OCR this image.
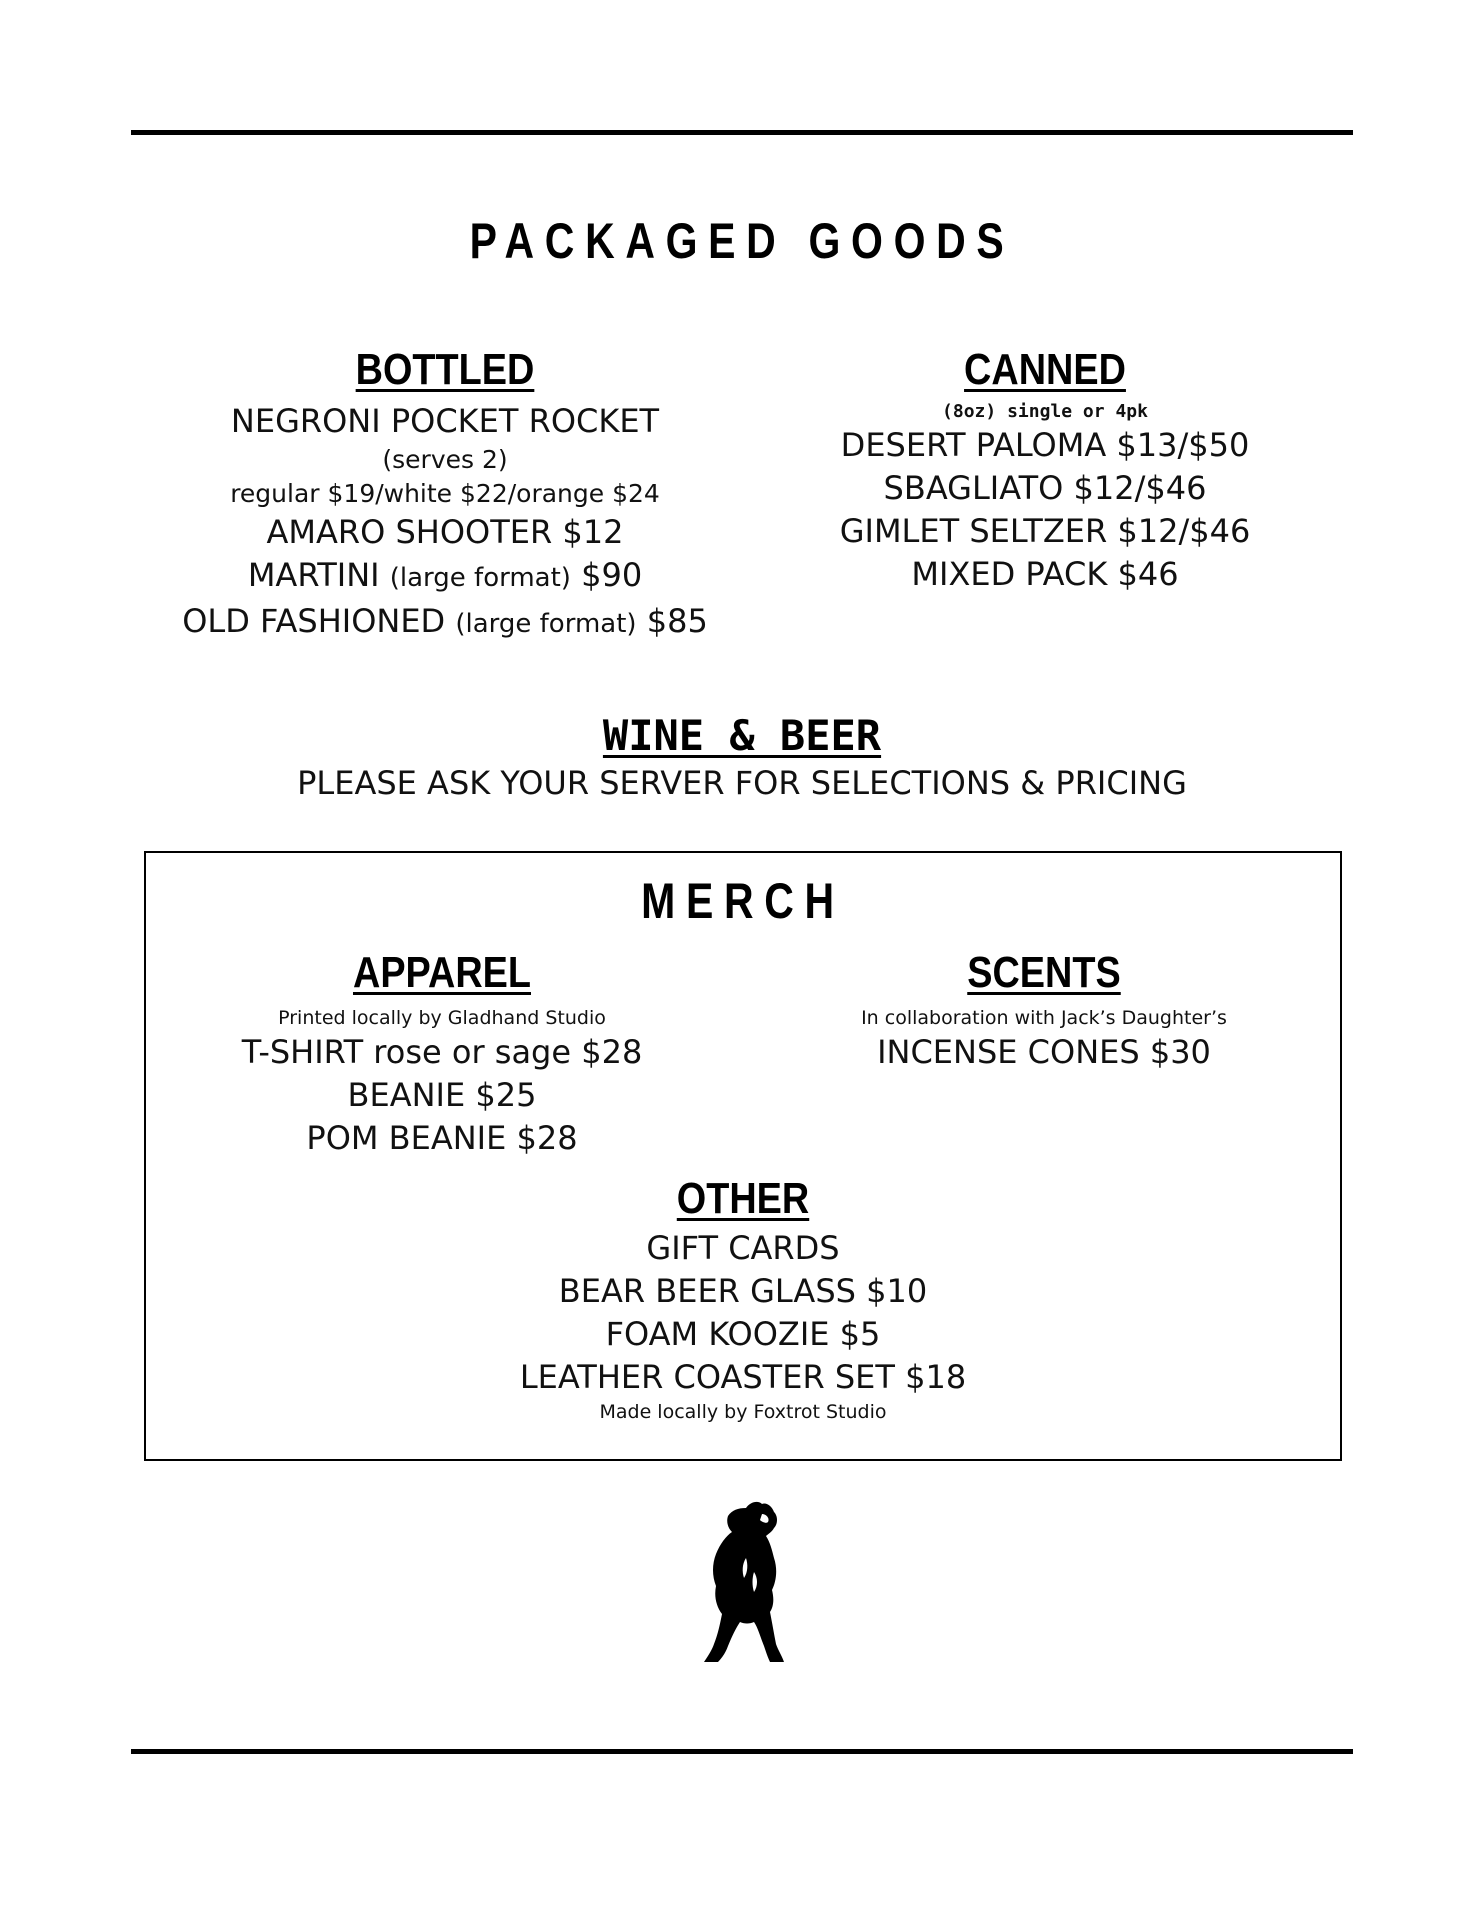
PACKAGED GOODS
BOTTLED
NEGRONI POCKET ROCKET
(serves 2)
regular $19/white $22/orange $24
AMARO SHOOTER $12
MARTINI (large format) $90
OLD FASHIONED (large format) $85
CANNED
(8oz) single or 4pk
DESERT PALOMA $13/$50
SBAGLIATO $12/$46
GIMLET SELTZER $12/$46
MIXED PACK $46
WINE & BEER
PLEASE ASK YOUR SERVER FOR SELECTIONS & PRICING
MERCH
APPAREL
Printed locally by Gladhand Studio
T-SHIRT rose or sage $28
BEANIE $25
POM BEANIE $28
SCENTS
In collaboration with Jack’s Daughter’s
INCENSE CONES $30
OTHER
GIFT CARDS
BEAR BEER GLASS $10
FOAM KOOZIE $5
LEATHER COASTER SET $18
Made locally by Foxtrot Studio
